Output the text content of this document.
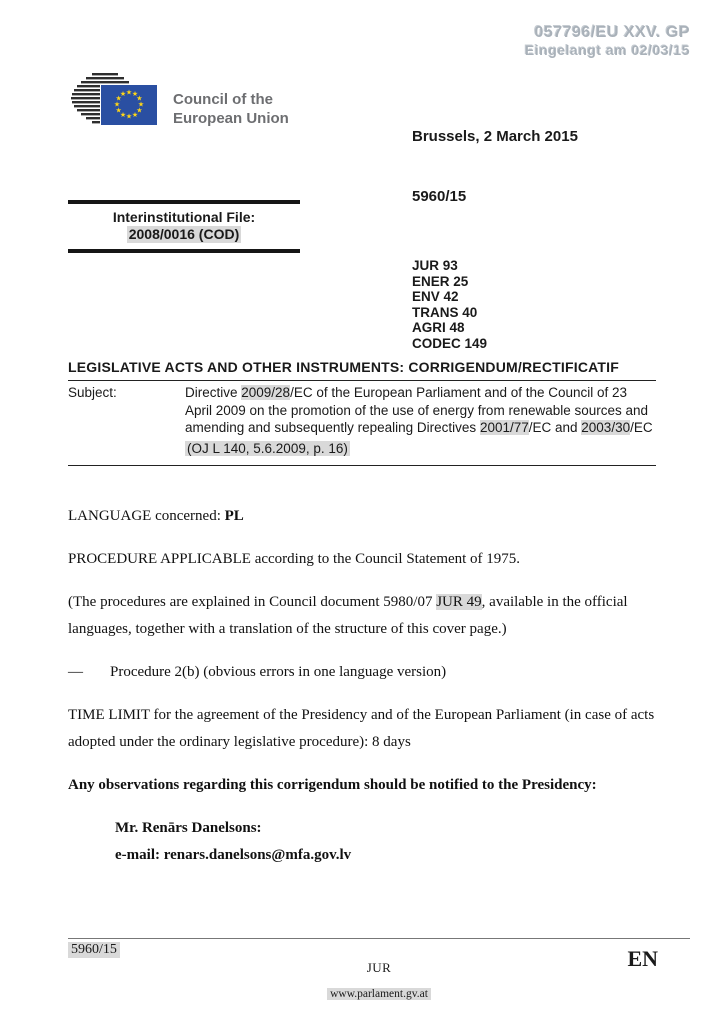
057796/EU XXV. GP
Eingelangt am 02/03/15
★ ★
★
★
★
★
★
★
★
★
★
★	Council of the
European Union
Brussels, 2 March 2015
5960/15
Interinstitutional File:
2008/0016 (COD)
JUR 93
ENER 25
ENV 42
TRANS 40
AGRI 48
CODEC 149
LEGISLATIVE ACTS AND OTHER INSTRUMENTS: CORRIGENDUM/RECTIFICATIF
Subject:	Directive 2009/28/EC of the European Parliament and of the Council of 23 April 2009 on the promotion of the use of energy from renewable sources and amending and subsequently repealing Directives 2001/77/EC and 2003/30/EC
(OJ L 140, 5.6.2009, p. 16)

LANGUAGE concerned: PL

PROCEDURE APPLICABLE according to the Council Statement of 1975.

(The procedures are explained in Council document 5980/07 JUR 49, available in the official languages, together with a translation of the structure of this cover page.)

—	Procedure 2(b) (obvious errors in one language version)

TIME LIMIT for the agreement of the Presidency and of the European Parliament (in case of acts adopted under the ordinary legislative procedure): 8 days

Any observations regarding this corrigendum should be notified to the Presidency:

Mr. Renārs Danelsons:

e-mail: renars.danelsons@mfa.gov.lv

5960/15
JUR	EN
www.parlament.gv.at
